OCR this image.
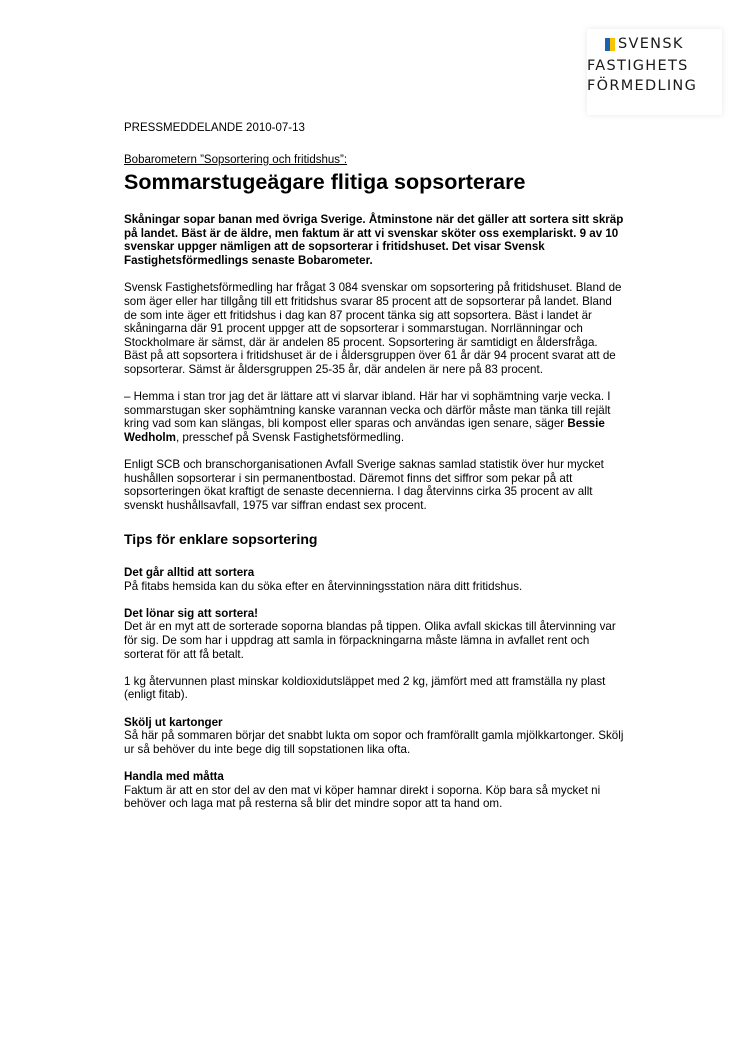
SVENSK
FASTIGHETS
FÖRMEDLING
PRESSMEDDELANDE 2010-07-13
Bobarometern ”Sopsortering och fritidshus”:
Sommarstugeägare flitiga sopsorterare

Skåningar sopar banan med övriga Sverige. Åtminstone när det gäller att sortera sitt skräp på landet. Bäst är de äldre, men faktum är att vi svenskar sköter oss exemplariskt. 9 av 10 svenskar uppger nämligen att de sopsorterar i fritidshuset. Det visar Svensk Fastighetsförmedlings senaste Bobarometer.

Svensk Fastighetsförmedling har frågat 3 084 svenskar om sopsortering på fritidshuset. Bland de som äger eller har tillgång till ett fritidshus svarar 85 procent att de sopsorterar på landet. Bland de som inte äger ett fritidshus i dag kan 87 procent tänka sig att sopsortera. Bäst i landet är skåningarna där 91 procent uppger att de sopsorterar i sommarstugan. Norrlänningar och Stockholmare är sämst, där är andelen 85 procent. Sopsortering är samtidigt en åldersfråga. Bäst på att sopsortera i fritidshuset är de i åldersgruppen över 61 år där 94 procent svarat att de sopsorterar. Sämst är åldersgruppen 25-35 år, där andelen är nere på 83 procent.

– Hemma i stan tror jag det är lättare att vi slarvar ibland. Här har vi sophämtning varje vecka. I sommarstugan sker sophämtning kanske varannan vecka och därför måste man tänka till rejält kring vad som kan slängas, bli kompost eller sparas och användas igen senare, säger Bessie Wedholm, presschef på Svensk Fastighetsförmedling.

Enligt SCB och branschorganisationen Avfall Sverige saknas samlad statistik över hur mycket hushållen sopsorterar i sin permanentbostad. Däremot finns det siffror som pekar på att sopsorteringen ökat kraftigt de senaste decennierna. I dag återvinns cirka 35 procent av allt svenskt hushållsavfall, 1975 var siffran endast sex procent.

Tips för enklare sopsortering
Det går alltid att sortera
På fitabs hemsida kan du söka efter en återvinningsstation nära ditt fritidshus.
Det lönar sig att sortera!
Det är en myt att de sorterade soporna blandas på tippen. Olika avfall skickas till återvinning var för sig. De som har i uppdrag att samla in förpackningarna måste lämna in avfallet rent och sorterat för att få betalt.
1 kg återvunnen plast minskar koldioxidutsläppet med 2 kg, jämfört med att framställa ny plast (enligt fitab).
Skölj ut kartonger
Så här på sommaren börjar det snabbt lukta om sopor och framförallt gamla mjölkkartonger. Skölj ur så behöver du inte bege dig till sopstationen lika ofta.
Handla med måtta
Faktum är att en stor del av den mat vi köper hamnar direkt i soporna. Köp bara så mycket ni behöver och laga mat på resterna så blir det mindre sopor att ta hand om.
